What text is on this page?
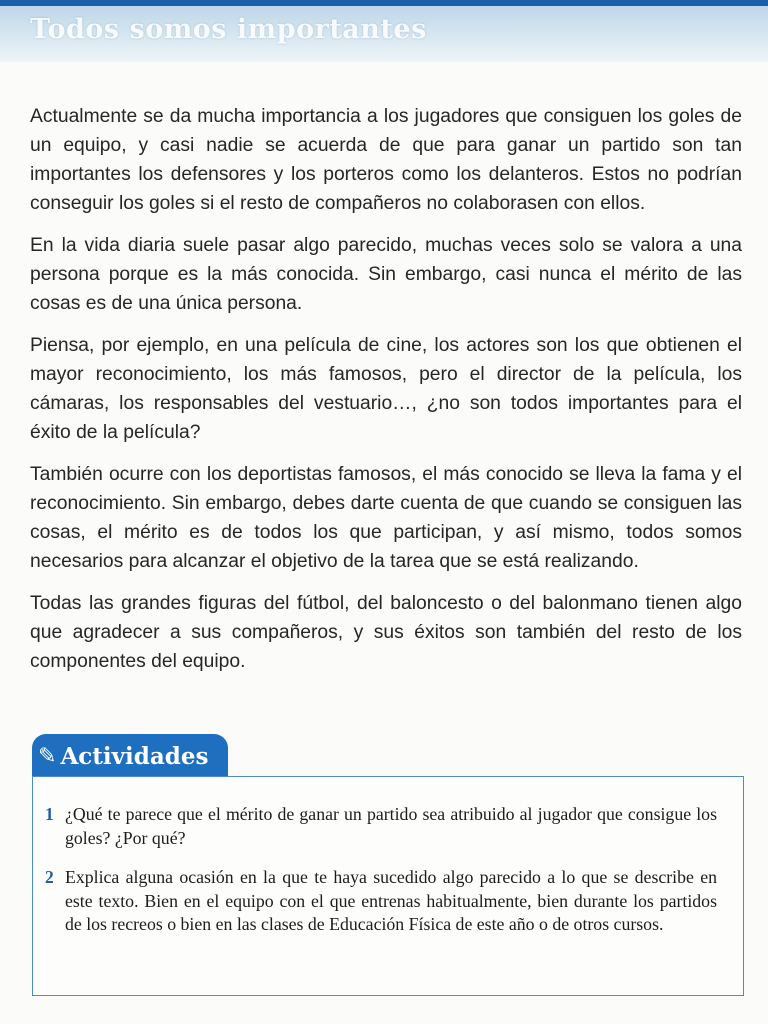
Todos somos importantes

Actualmente se da mucha importancia a los jugadores que consiguen los goles de un equipo, y casi nadie se acuerda de que para ganar un partido son tan importantes los defensores y los porteros como los delanteros. Estos no podrían conseguir los goles si el resto de compañeros no colaborasen con ellos.

En la vida diaria suele pasar algo parecido, muchas veces solo se valora a una persona porque es la más conocida. Sin embargo, casi nunca el mérito de las cosas es de una única persona.

Piensa, por ejemplo, en una película de cine, los actores son los que obtienen el mayor reconocimiento, los más famosos, pero el director de la película, los cámaras, los responsables del vestuario…, ¿no son todos importantes para el éxito de la película?

También ocurre con los deportistas famosos, el más conocido se lleva la fama y el reconocimiento. Sin embargo, debes darte cuenta de que cuando se consiguen las cosas, el mérito es de todos los que participan, y así mismo, todos somos necesarios para alcanzar el objetivo de la tarea que se está realizando.

Todas las grandes figuras del fútbol, del baloncesto o del balonmano tienen algo que agradecer a sus compañeros, y sus éxitos son también del resto de los componentes del equipo.

✎ Actividades
1 ¿Qué te parece que el mérito de ganar un partido sea atribuido al jugador que consigue los goles? ¿Por qué?
2 Explica alguna ocasión en la que te haya sucedido algo parecido a lo que se describe en este texto. Bien en el equipo con el que entrenas habitualmente, bien durante los partidos de los recreos o bien en las clases de Educación Física de este año o de otros cursos.
